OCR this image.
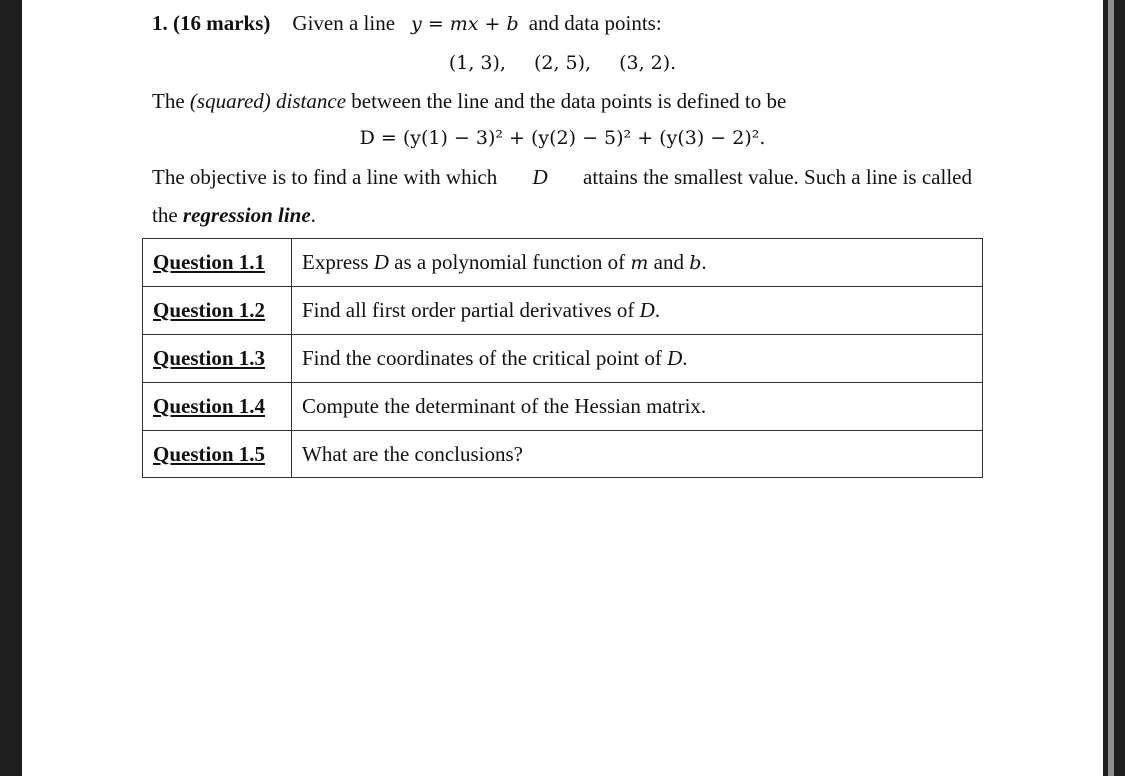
1. (16 marks) Given a line y = mx + b and data points:
(1, 3), (2, 5), (3, 2).
The (squared) distance between the line and the data points is defined to be
D = (y(1) − 3)² + (y(2) − 5)² + (y(3) − 2)².
The objective is to find a line with which D attains the smallest value. Such a line is called
the regression line.
Question 1.1	Express D as a polynomial function of m and b.
Question 1.2	Find all first order partial derivatives of D.
Question 1.3	Find the coordinates of the critical point of D.
Question 1.4	Compute the determinant of the Hessian matrix.
Question 1.5	What are the conclusions?
